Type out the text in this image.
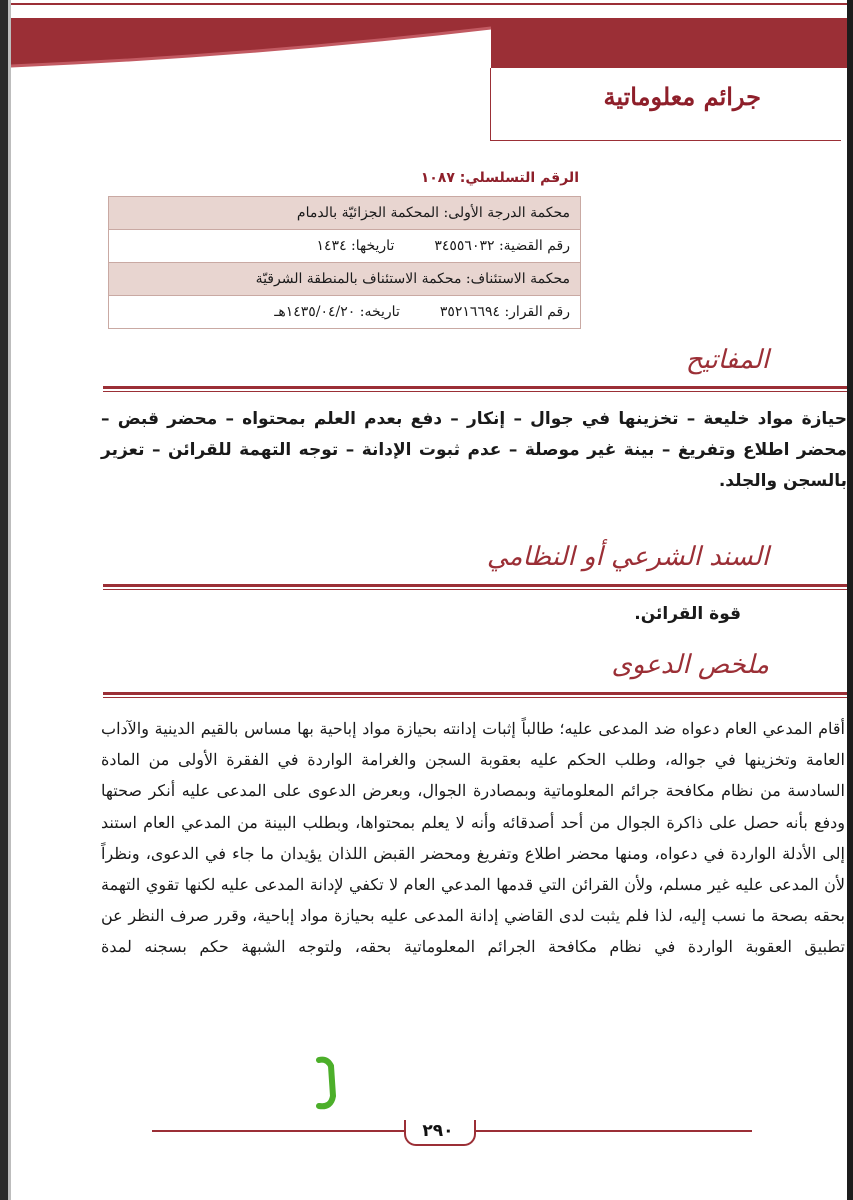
جرائم معلوماتية
الرقم التسلسلي: ١٠٨٧
محكمة الدرجة الأولى: المحكمة الجزائيّة بالدمام

رقم القضية: ٣٤٥٥٦٠٣٢
تاريخها: ١٤٣٤

محكمة الاستئناف: محكمة الاستئناف بالمنطقة الشرقيّة

رقم القرار: ٣٥٢١٦٦٩٤
تاريخه: ١٤٣٥/٠٤/٢٠هـ
المفاتيح
حيازة مواد خليعة – تخزينها في جوال – إنكار – دفع بعدم العلم بمحتواه – محضر قبض –محضر اطلاع وتفريغ – بينة غير موصلة – عدم ثبوت الإدانة – توجه التهمة للقرائن – تعزير بالسجن والجلد.
السند الشرعي أو النظامي
قوة القرائن.
ملخص الدعوى
أقام المدعي العام دعواه ضد المدعى عليه؛ طالباً إثبات إدانته بحيازة مواد إباحية بها مساس بالقيم الدينية والآداب العامة وتخزينها في جواله، وطلب الحكم عليه بعقوبة السجن والغرامة الواردة في الفقرة الأولى من المادة السادسة من نظام مكافحة جرائم المعلوماتية وبمصادرة الجوال، وبعرض الدعوى على المدعى عليه أنكر صحتها ودفع بأنه حصل على ذاكرة الجوال من أحد أصدقائه وأنه لا يعلم بمحتواها، وبطلب البينة من المدعي العام استند إلى الأدلة الواردة في دعواه، ومنها محضر اطلاع وتفريغ ومحضر القبض اللذان يؤيدان ما جاء في الدعوى، ونظراً لأن المدعى عليه غير مسلم، ولأن القرائن التي قدمها المدعي العام لا تكفي لإدانة المدعى عليه لكنها تقوي التهمة بحقه بصحة ما نسب إليه، لذا فلم يثبت لدى القاضي إدانة المدعى عليه بحيازة مواد إباحية، وقرر صرف النظر عن تطبيق العقوبة الواردة في نظام مكافحة الجرائم المعلوماتية بحقه، ولتوجه الشبهة حكم بسجنه لمدة
٢٩٠
